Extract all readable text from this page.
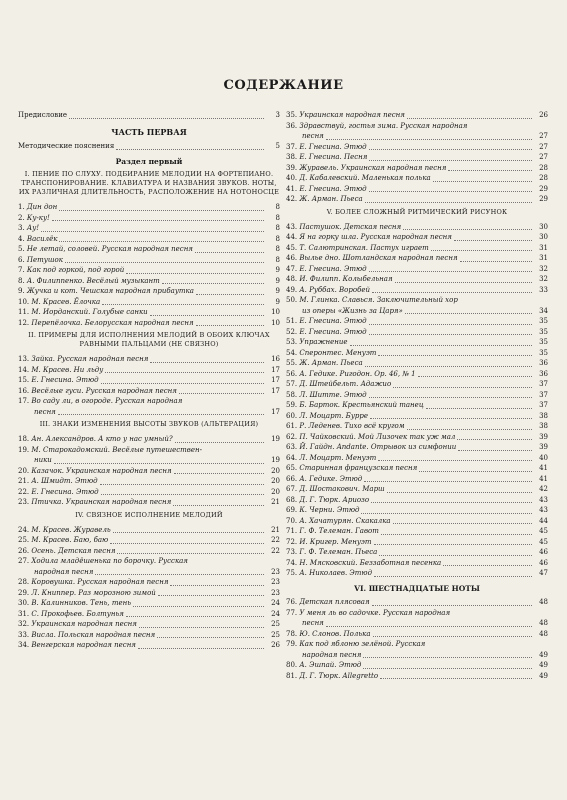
СОДЕРЖАНИЕ
Предисловие	3
ЧАСТЬ ПЕРВАЯ
Методические пояснения	5
Раздел первый
I. ПЕНИЕ ПО СЛУХУ. ПОДБИРАНИЕ МЕЛОДИИ НА ФОРТЕПИАНО. ТРАНСПОНИРОВАНИЕ. КЛАВИАТУРА И НАЗВАНИЯ ЗВУКОВ. НОТЫ, ИХ РАЗЛИЧНАЯ ДЛИТЕЛЬНОСТЬ, РАСПОЛОЖЕНИЕ НА НОТОНОСЦЕ
1. Дин дон	8
2. Ку-ку!	8
3. Ау!	8
4. Василёк	8
5. Не летай, соловей. Русская народная песня	8
6. Петушок	8
7. Как под горкой, под горой	9
8. А. Филиппенко. Весёлый музыкант	9
9. Жучка и кот. Чешская народная прибаутка	9
10. М. Красев. Ёлочка	9
11. М. Иорданский. Голубые санки	10
12. Перепёлочка. Белорусская народная песня	10
II. ПРИМЕРЫ ДЛЯ ИСПОЛНЕНИЯ МЕЛОДИЙ В ОБОИХ КЛЮЧАХ РАВНЫМИ ПАЛЬЦАМИ (НЕ СВЯЗНО)
13. Зайка. Русская народная песня	16
14. М. Красев. Ни льду	17
15. Е. Гнесина. Этюд	17
16. Весёлые гуси. Русская народная песня	17
17. Во саду ли, в огороде. Русская народная
песня	17
III. ЗНАКИ ИЗМЕНЕНИЯ ВЫСОТЫ ЗВУКОВ (АЛЬТЕРАЦИЯ)
18. Ан. Александров. А кто у нас умный?	19
19. М. Старокадомский. Весёлые путешествен-
ники	19
20. Казачок. Украинская народная песня	20
21. А. Шмидт. Этюд	20
22. Е. Гнесина. Этюд	20
23. Птичка. Украинская народная песня	21
IV. СВЯЗНОЕ ИСПОЛНЕНИЕ МЕЛОДИЙ
24. М. Красев. Журавель	21
25. М. Красев. Баю, баю	22
26. Осень. Детская песня	22
27. Ходила младёшенька по борочку. Русская
народная песня	23
28. Коровушка. Русская народная песня	23
29. Л. Книппер. Раз морозною зимой	23
30. В. Калинников. Тень, тень	24
31. С. Прокофьев. Болтунья	24
32. Украинская народная песня	25
33. Висла. Польская народная песня	25
34. Венгерская народная песня	26
35. Украинская народная песня	26
36. Здравствуй, гостья зима. Русская народная
песня	27
37. Е. Гнесина. Этюд	27
38. Е. Гнесина. Песня	27
39. Журавель. Украинская народная песня	28
40. Д. Кабалевский. Маленькая полька	28
41. Е. Гнесина. Этюд	29
42. Ж. Арман. Пьеса	29
V. БОЛЕЕ СЛОЖНЫЙ РИТМИЧЕСКИЙ РИСУНОК
43. Пастушок. Детская песня	30
44. Я на горку шла. Русская народная песня	30
45. Т. Салютринская. Пастух играет	31
46. Вылье дно. Шотландская народная песня	31
47. Е. Гнесина. Этюд	32
48. И. Филипп. Колыбельная	32
49. А. Руббах. Воробей	33
50. М. Глинка. Славься. Заключительный хор
из оперы «Жизнь за Царя»	34
51. Е. Гнесина. Этюд	35
52. Е. Гнесина. Этюд	35
53. Упражнение	35
54. Сперонтес. Менуэт	35
55. Ж. Арман. Пьеса	36
56. А. Гедике. Ригодон. Ор. 46, № 1	36
57. Д. Штейбельт. Адажио	37
58. Л. Шитте. Этюд	37
59. Б. Барток. Крестьянский танец	37
60. Л. Моцарт. Бурре	38
61. Р. Леденев. Тихо всё кругом	38
62. П. Чайковский. Мой Лизочек так уж мал	39
63. Й. Гайдн. Andante. Отрывок из симфонии	39
64. Л. Моцарт. Менуэт	40
65. Старинная французская песня	41
66. А. Гедике. Этюд	41
67. Д. Шостакович. Марш	42
68. Д. Г. Тюрк. Ариозо	43
69. К. Черни. Этюд	43
70. А. Хачатурян. Скакалка	44
71. Г. Ф. Телеман. Гавот	45
72. И. Кригер. Менуэт	45
73. Г. Ф. Телеман. Пьеса	46
74. Н. Мясковский. Беззаботная песенка	46
75. А. Николаев. Этюд	47
VI. ШЕСТНАДЦАТЫЕ НОТЫ
76. Детская плясовая	48
77. У меня ль во садочке. Русская народная
песня	48
78. Ю. Слонов. Полька	48
79. Как под яблоню зелёной. Русская
народная песня	49
80. А. Эшпай. Этюд	49
81. Д. Г. Тюрк. Allegretto	49
